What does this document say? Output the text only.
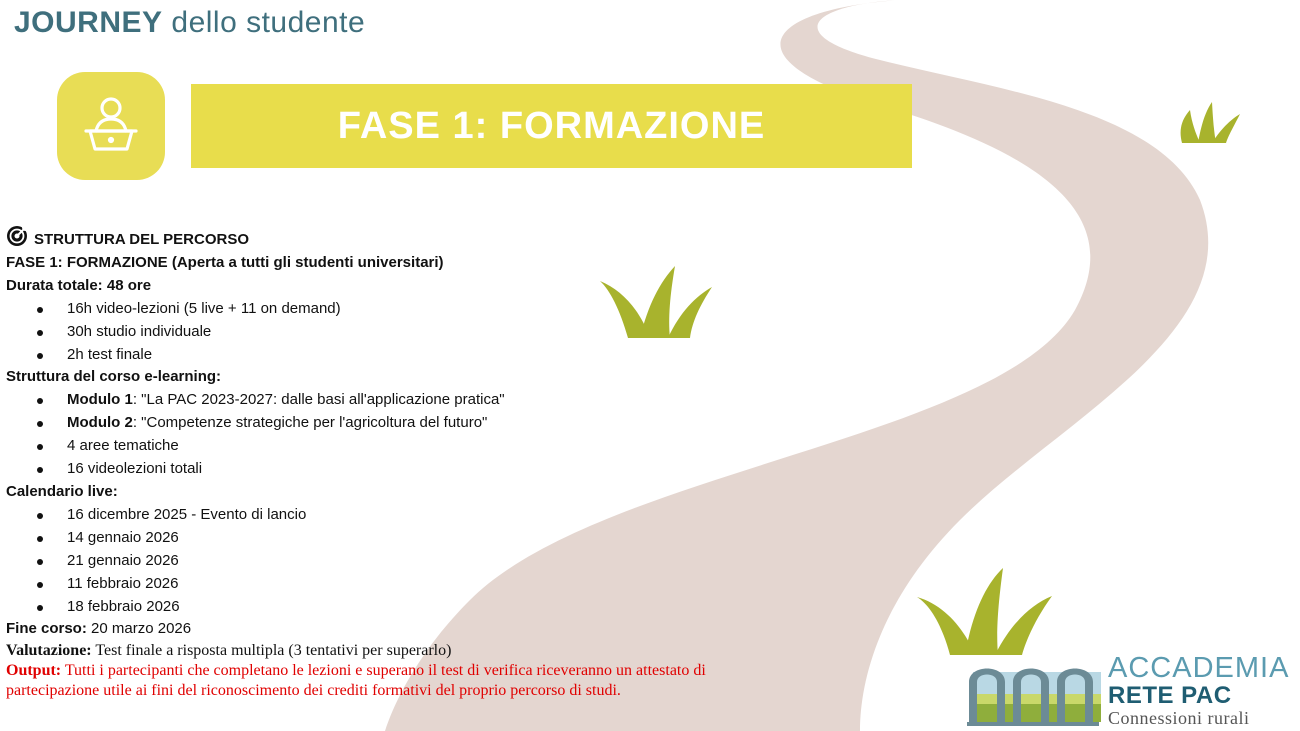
JOURNEY dello studente
FASE 1: FORMAZIONE
STRUTTURA DEL PERCORSO
FASE 1: FORMAZIONE (Aperta a tutti gli studenti universitari)
Durata totale: 48 ore
16h video-lezioni (5 live + 11 on demand)
30h studio individuale
2h test finale
Struttura del corso e-learning:
Modulo 1: "La PAC 2023-2027: dalle basi all'applicazione pratica"
Modulo 2: "Competenze strategiche per l'agricoltura del futuro"
4 aree tematiche
16 videolezioni totali
Calendario live:
16 dicembre 2025 - Evento di lancio
14 gennaio 2026
21 gennaio 2026
11 febbraio 2026
18 febbraio 2026
Fine corso: 20 marzo 2026
Valutazione: Test finale a risposta multipla (3 tentativi per superarlo)
Output: Tutti i partecipanti che completano le lezioni e superano il test di verifica riceveranno un attestato di
partecipazione utile ai fini del riconoscimento dei crediti formativi del proprio percorso di studi.
ACCADEMIA
RETE PAC
Connessioni rurali
